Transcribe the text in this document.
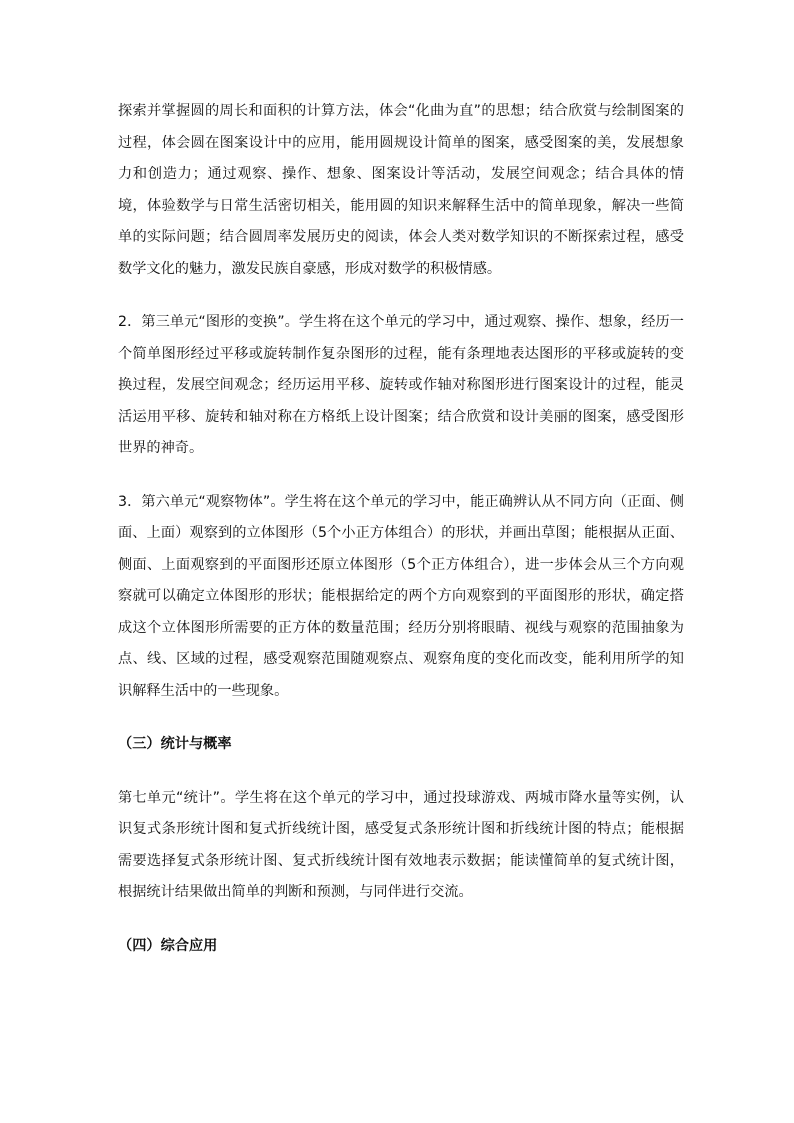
探索并掌握圆的周长和面积的计算方法，体会“化曲为直”的思想；结合欣赏与绘制图案的过程，体会圆在图案设计中的应用，能用圆规设计简单的图案，感受图案的美，发展想象力和创造力；通过观察、操作、想象、图案设计等活动，发展空间观念；结合具体的情境，体验数学与日常生活密切相关，能用圆的知识来解释生活中的简单现象，解决一些简单的实际问题；结合圆周率发展历史的阅读，体会人类对数学知识的不断探索过程，感受数学文化的魅力，激发民族自豪感，形成对数学的积极情感。

2．第三单元“图形的变换”。学生将在这个单元的学习中，通过观察、操作、想象，经历一个简单图形经过平移或旋转制作复杂图形的过程，能有条理地表达图形的平移或旋转的变换过程，发展空间观念；经历运用平移、旋转或作轴对称图形进行图案设计的过程，能灵活运用平移、旋转和轴对称在方格纸上设计图案；结合欣赏和设计美丽的图案，感受图形世界的神奇。

3．第六单元“观察物体”。学生将在这个单元的学习中，能正确辨认从不同方向（正面、侧面、上面）观察到的立体图形（5个小正方体组合）的形状，并画出草图；能根据从正面、侧面、上面观察到的平面图形还原立体图形（5个正方体组合），进一步体会从三个方向观察就可以确定立体图形的形状；能根据给定的两个方向观察到的平面图形的形状，确定搭成这个立体图形所需要的正方体的数量范围；经历分别将眼睛、视线与观察的范围抽象为点、线、区域的过程，感受观察范围随观察点、观察角度的变化而改变，能利用所学的知识解释生活中的一些现象。

（三）统计与概率

第七单元“统计”。学生将在这个单元的学习中，通过投球游戏、两城市降水量等实例，认识复式条形统计图和复式折线统计图，感受复式条形统计图和折线统计图的特点；能根据需要选择复式条形统计图、复式折线统计图有效地表示数据；能读懂简单的复式统计图，根据统计结果做出简单的判断和预测，与同伴进行交流。

（四）综合应用
